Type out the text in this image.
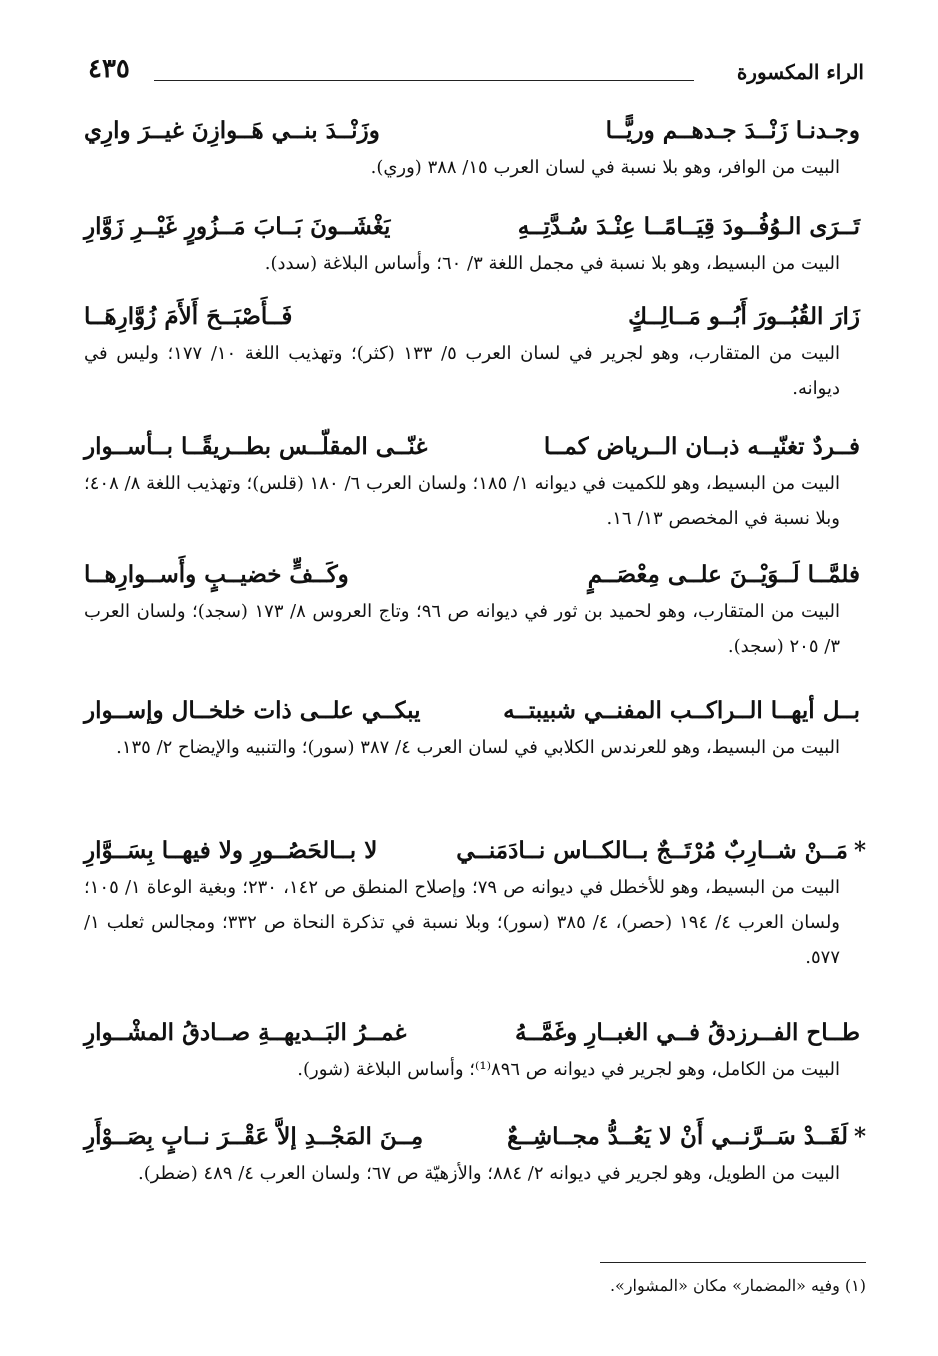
الراء المكسورة
٤٣٥
وجـدنـا زَنْــدَ جـدهــم وريًّــا
وزَنْــدَ بنــي هَــوازِنَ غيــرَ وارِي
البيت من الوافر، وهو بلا نسبة في لسان العرب ١٥/ ٣٨٨ (وري).
تَــرَى الـوُفُــودَ قِيَــامًــا عِنْـدَ سُـدَّتِــهِ
يَغْشَــونَ بَــابَ مَــزُورٍ غَيْــرِ زَوَّارِ
البيت من البسيط، وهو بلا نسبة في مجمل اللغة ٣/ ٦٠؛ وأساس البلاغة (سدد).
زَارَ القُبُــورَ أَبُــو مَــالِــكٍ
فَــأَصْبَــحَ أَلأَمَ زُوَّارِهَــا
البيت من المتقارب، وهو لجرير في لسان العرب ٥/ ١٣٣ (كثر)؛ وتهذيب اللغة ١٠/ ١٧٧؛ وليس في ديوانه.
فــردٌ تغنّيــه ذبــان الــرياض كمــا
غنّــى المقلّــس بطــريقًــا بــأســوار
البيت من البسيط، وهو للكميت في ديوانه ١/ ١٨٥؛ ولسان العرب ٦/ ١٨٠ (قلس)؛ وتهذيب اللغة ٨/ ٤٠٨؛ وبلا نسبة في المخصص ١٣/ ١٦.
فلمَّــا لَــوَيْــنَ علــى مِعْصَــمٍ
وكَــفٍّ خضيــبٍ وأَســوارِهــا
البيت من المتقارب، وهو لحميد بن ثور في ديوانه ص ٩٦؛ وتاج العروس ٨/ ١٧٣ (سجد)؛ ولسان العرب ٣/ ٢٠٥ (سجد).
بــل أيهــا الــراكــب المفنــي شبيبتــه
يبكــي علــى ذات خلخــال وإســوار
البيت من البسيط، وهو للعرندس الكلابي في لسان العرب ٤/ ٣٨٧ (سور)؛ والتنبيه والإيضاح ٢/ ١٣٥.
*مَــنْ شــارِبٌ مُرْتَــجٌ بــالكــاس نــادَمَنــي
لا بــالحَصُــورِ ولا فيهــا بِسَــوَّارِ
البيت من البسيط، وهو للأخطل في ديوانه ص ٧٩؛ وإصلاح المنطق ص ١٤٢، ٢٣٠؛ وبغية الوعاة ١/ ١٠٥؛ ولسان العرب ٤/ ١٩٤ (حصر)، ٤/ ٣٨٥ (سور)؛ وبلا نسبة في تذكرة النحاة ص ٣٣٢؛ ومجالس ثعلب ١/ ٥٧٧.
طــاح الفــرزدقُ فــي الغبــارِ وغَمَّــهُ
غمــرُ البَــديهــةِ صــادقُ المشْــوارِ
البيت من الكامل، وهو لجرير في ديوانه ص ٨٩٦⁽¹⁾؛ وأساس البلاغة (شور).
*لَقَــدْ سَــرَّنــي أَنْ لا يَعُــدُّ مجــاشِــعٌ
مِــنَ المَجْــدِ إلاَّ عَقْــرَ نــابٍ بِصَــوْأَرِ
البيت من الطويل، وهو لجرير في ديوانه ٢/ ٨٨٤؛ والأزهيّة ص ٦٧؛ ولسان العرب ٤/ ٤٨٩ (ضطر).
(١) وفيه «المضمار» مكان «المشوار».
